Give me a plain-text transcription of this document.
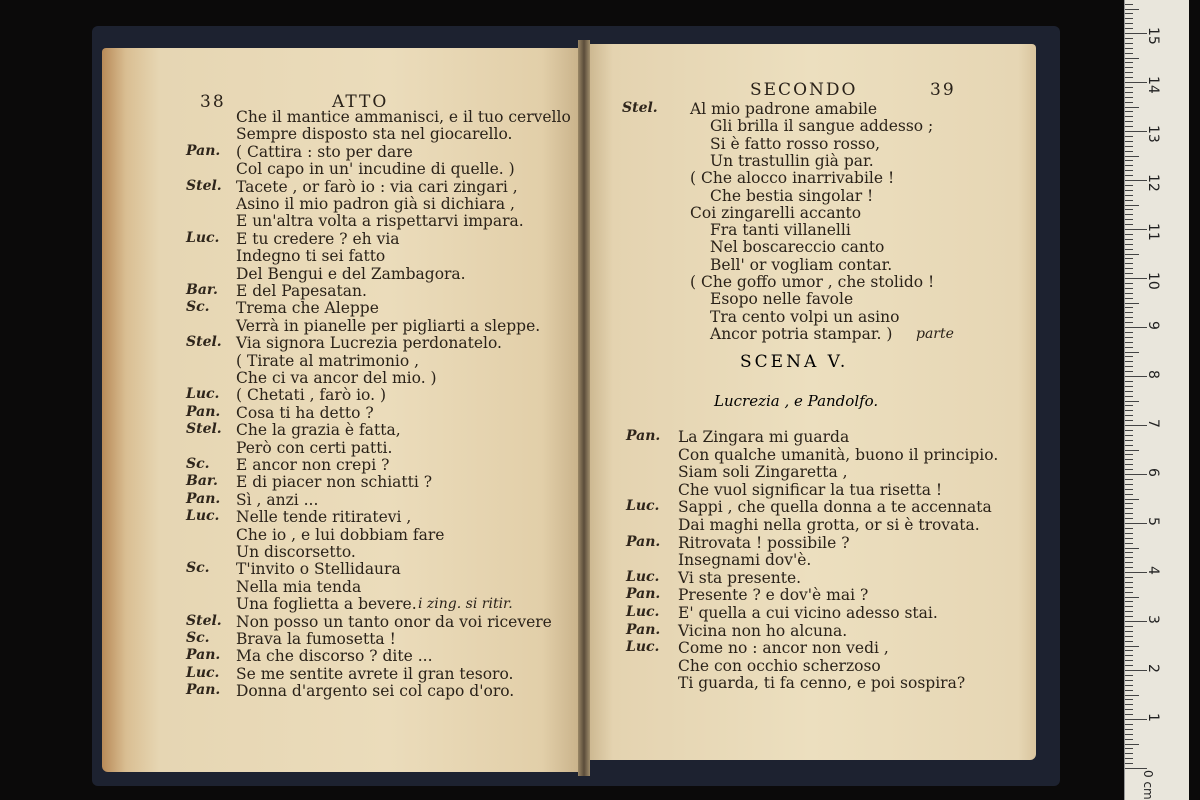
38	ATTO
SECONDO	39
Che il mantice ammanisci, e il tuo cervello
Sempre disposto sta nel giocarello.
Pan. ( Cattira : sto per dare
Col capo in un' incudine di quelle. )
Stel. Tacete , or farò io : via cari zingari ,
Asino il mio padron già si dichiara ,
E un'altra volta a rispettarvi impara.
Luc. E tu credere ? eh via
Indegno ti sei fatto
Del Bengui e del Zambagora.
Bar. E del Papesatan.
Sc. Trema che Aleppe
Verrà in pianelle per pigliarti a sleppe.
Stel. Via signora Lucrezia perdonatelo.
( Tirate al matrimonio ,
Che ci va ancor del mio. )
Luc. ( Chetati , farò io. )
Pan. Cosa ti ha detto ?
Stel. Che la grazia è fatta,
Però con certi patti.
Sc. E ancor non crepi ?
Bar. E di piacer non schiatti ?
Pan. Sì , anzi ...
Luc. Nelle tende ritiratevi ,
Che io , e lui dobbiam fare
Un discorsetto.
Sc. T'invito o Stellidaura
Nella mia tenda
Una foglietta a bevere. i zing. si ritir.
Stel. Non posso un tanto onor da voi ricevere
Sc. Brava la fumosetta !
Pan. Ma che discorso ? dite ...
Luc. Se me sentite avrete il gran tesoro.
Pan. Donna d'argento sei col capo d'oro.
Stel. Al mio padrone amabile
Gli brilla il sangue addesso ;
Si è fatto rosso rosso,
Un trastullin già par.
( Che alocco inarrivabile !
Che bestia singolar !
Coi zingarelli accanto
Fra tanti villanelli
Nel boscareccio canto
Bell' or vogliam contar.
( Che goffo umor , che stolido !
Esopo nelle favole
Tra cento volpi un asino
Ancor potria stampar. ) parte
Pan. La Zingara mi guarda
Con qualche umanità, buono il principio.
Siam soli Zingaretta ,
Che vuol significar la tua risetta !
Luc. Sappi , che quella donna a te accennata
Dai maghi nella grotta, or si è trovata.
Pan. Ritrovata ! possibile ?
Insegnami dov'è.
Luc. Vi sta presente.
Pan. Presente ? e dov'è mai ?
Luc. E' quella a cui vicino adesso stai.
Pan. Vicina non ho alcuna.
Luc. Come no : ancor non vedi ,
Che con occhio scherzoso
Ti guarda, ti fa cenno, e poi sospira?
SCENA V.
Lucrezia , e Pandolfo.
0 cm
15
14
13
12
11
10
9
8
7
6
5
4
3
2
1
